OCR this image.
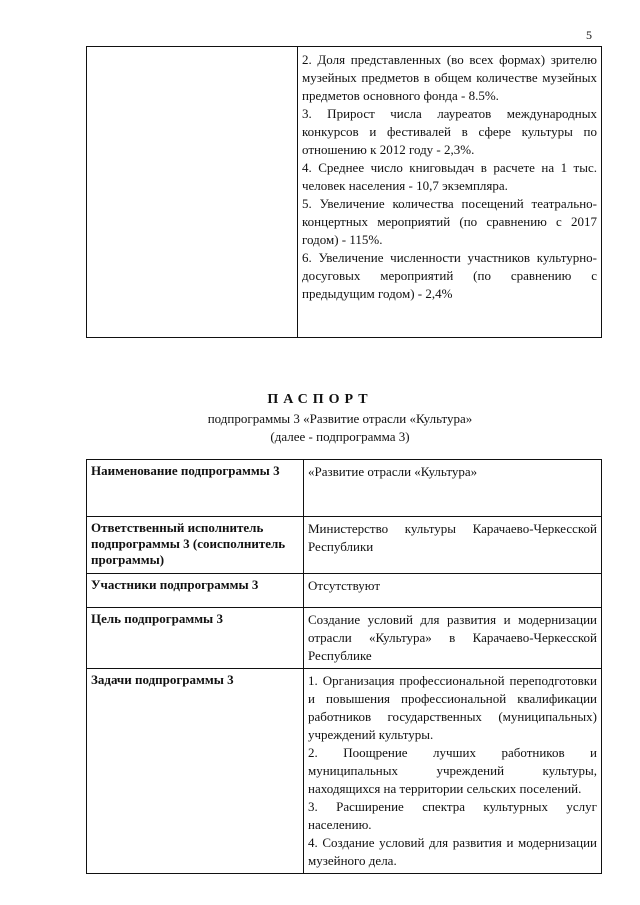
5

2. Доля представленных (во всех формах) зрителю музейных предметов в общем количестве музейных предметов основного фонда - 8.5%.

3. Прирост числа лауреатов международных конкурсов и фестивалей в сфере культуры по отношению к 2012 году - 2,3%.

4. Среднее число книговыдач в расчете на 1 тыс. человек населения - 10,7 экземпляра.

5. Увеличение количества посещений театрально-концертных мероприятий (по сравнению с 2017 годом) - 115%.

6. Увеличение численности участников культурно-досуговых мероприятий (по сравнению с предыдущим годом) - 2,4%

ПАСПОРТ
подпрограммы 3 «Развитие отрасли «Культура»
(далее - подпрограмма 3)
Наименование подпрограммы 3	«Развитие отрасли «Культура»
Ответственный исполнитель подпрограммы 3 (соисполнитель программы)	Министерство культуры Карачаево-Черкесской Республики
Участники подпрограммы 3	Отсутствуют
Цель подпрограммы 3	Создание условий для развития и модернизации отрасли «Культура» в Карачаево-Черкесской Республике
Задачи подпрограммы 3	1. Организация профессиональной переподготовки и повышения профессиональной квалификации работников государственных (муниципальных) учреждений культуры.

2. Поощрение лучших работников и муниципальных учреждений культуры, находящихся на территории сельских поселений.

3. Расширение спектра культурных услуг населению.

4. Создание условий для развития и модернизации музейного дела.
